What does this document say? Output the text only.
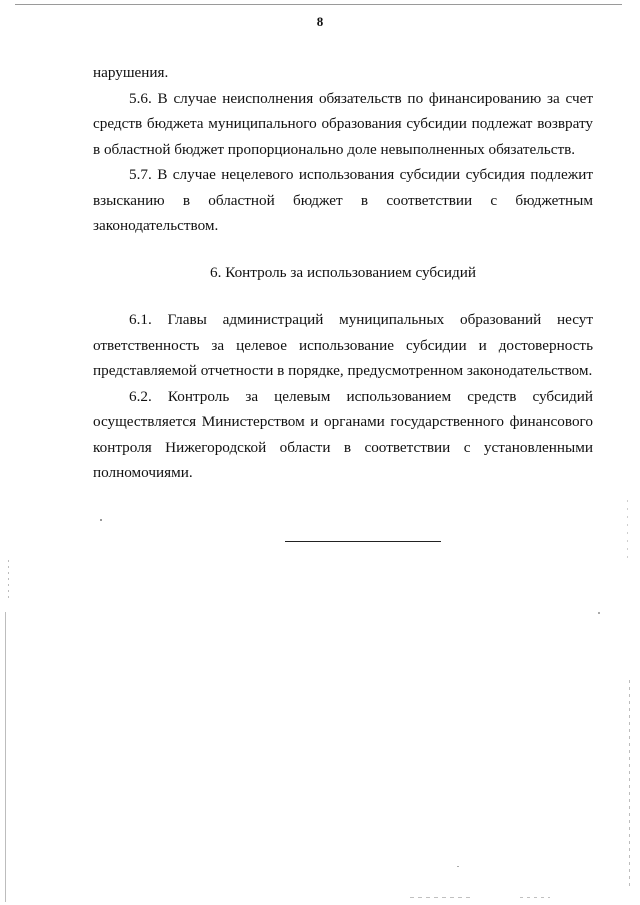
8

нарушения.

5.6. В случае неисполнения обязательств по финансированию за счет средств бюджета муниципального образования субсидии подлежат возврату в областной бюджет пропорционально доле невыполненных обязательств.

5.7. В случае нецелевого использования субсидии субсидия подлежит взысканию в областной бюджет в соответствии с бюджетным законодательством.

6. Контроль за использованием субсидий

6.1. Главы администраций муниципальных образований несут ответственность за целевое использование субсидии и достоверность представляемой отчетности в порядке, предусмотренном законодательством.

6.2. Контроль за целевым использованием средств субсидий осуществляется Министерством и органами государственного финансового контроля Нижегородской области в соответствии с установленными полномочиями.
